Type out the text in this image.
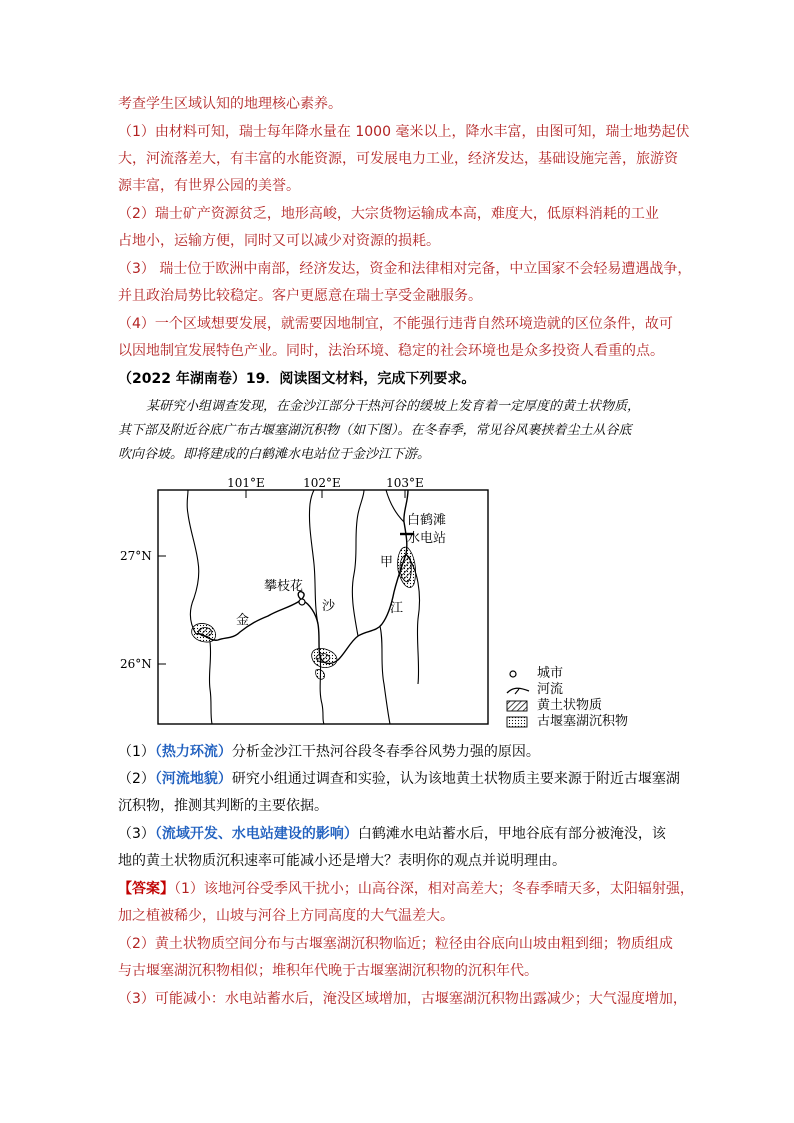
考查学生区域认知的地理核心素养。
（1）由材料可知，瑞士每年降水量在 1000 毫米以上，降水丰富，由图可知，瑞士地势起伏
大，河流落差大，有丰富的水能资源，可发展电力工业，经济发达，基础设施完善，旅游资
源丰富，有世界公园的美誉。
（2）瑞士矿产资源贫乏，地形高峻，大宗货物运输成本高，难度大，低原料消耗的工业
占地小，运输方便，同时又可以减少对资源的损耗。
（3） 瑞士位于欧洲中南部，经济发达，资金和法律相对完备，中立国家不会轻易遭遇战争，
并且政治局势比较稳定。客户更愿意在瑞士享受金融服务。
（4）一个区域想要发展，就需要因地制宜，不能强行违背自然环境造就的区位条件，故可
以因地制宜发展特色产业。同时，法治环境、稳定的社会环境也是众多投资人看重的点。
（2022 年湖南卷）19．阅读图文材料，完成下列要求。
某研究小组调查发现，在金沙江部分干热河谷的缓坡上发育着一定厚度的黄土状物质，
其下部及附近谷底广布古堰塞湖沉积物（如下图）。在冬春季，常见谷风裹挟着尘土从谷底
吹向谷坡。即将建成的白鹤滩水电站位于金沙江下游。
101°E	102°E	103°E
27°N
26°N
白鹤滩
水电站
甲
攀枝花
金
沙	江
城市
河流
黄土状物质
古堰塞湖沉积物
（1）（热力环流）分析金沙江干热河谷段冬春季谷风势力强的原因。
（2）（河流地貌）研究小组通过调查和实验，认为该地黄土状物质主要来源于附近古堰塞湖
沉积物，推测其判断的主要依据。
（3）（流域开发、水电站建设的影响）白鹤滩水电站蓄水后，甲地谷底有部分被淹没，该
地的黄土状物质沉积速率可能减小还是增大？表明你的观点并说明理由。
【答案】（1）该地河谷受季风干扰小；山高谷深，相对高差大；冬春季晴天多，太阳辐射强，
加之植被稀少，山坡与河谷上方同高度的大气温差大。
（2）黄土状物质空间分布与古堰塞湖沉积物临近；粒径由谷底向山坡由粗到细；物质组成
与古堰塞湖沉积物相似；堆积年代晚于古堰塞湖沉积物的沉积年代。
（3）可能减小：水电站蓄水后，淹没区域增加，古堰塞湖沉积物出露减少；大气湿度增加，
